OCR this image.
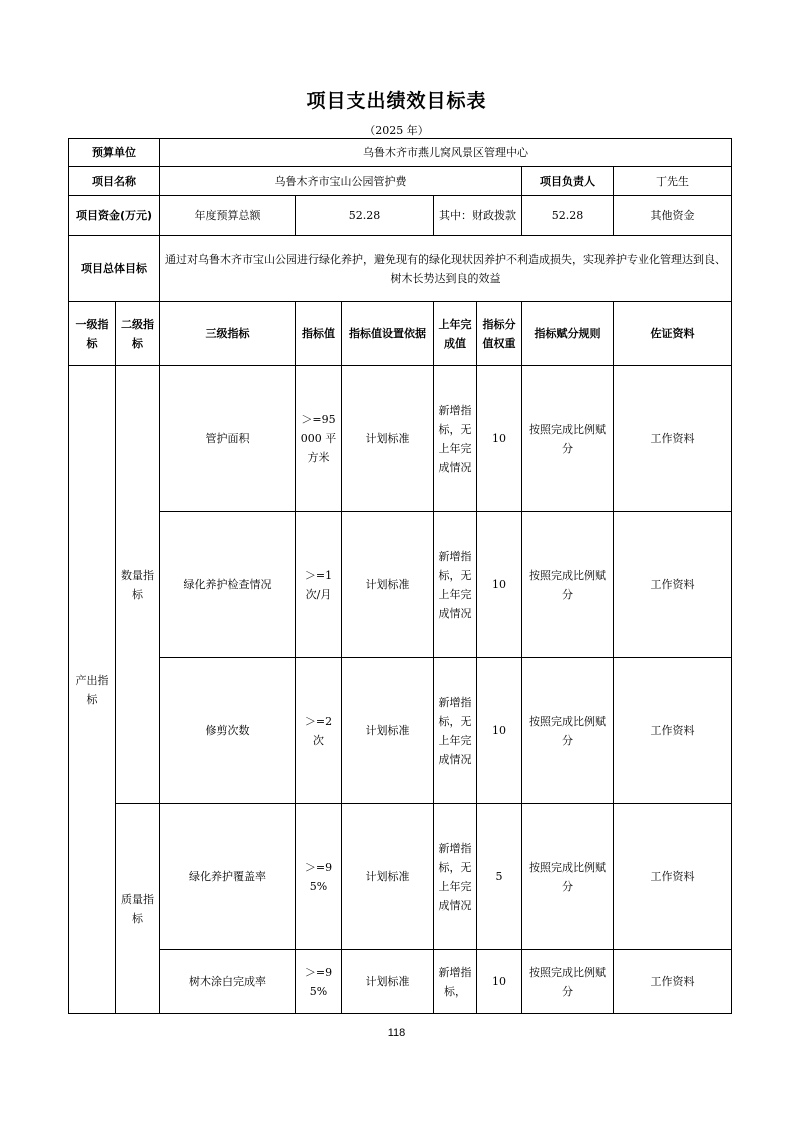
项目支出绩效目标表
（2025 年）
预算单位		乌鲁木齐市燕儿窝风景区管理中心						
项目名称		乌鲁木齐市宝山公园管护费					项目负责人	丁先生
项目资金(万元)		年度预算总额	52.28		其中：财政拨款		52.28	其他资金
项目总体目标		通过对乌鲁木齐市宝山公园进行绿化养护，避免现有的绿化现状因养护不利造成损失，实现养护专业化管理达到良、树木长势达到良的效益						
一级指标	二级指标	三级指标	指标值	指标值设置依据	上年完成值	指标分值权重	指标赋分规则	佐证资料
产出指标	数量指标	管护面积	＞=95000 平方米	计划标准	新增指标，无上年完成情况	10	按照完成比例赋分	工作资料
		绿化养护检查情况	＞=1 次/月	计划标准	新增指标，无上年完成情况	10	按照完成比例赋分	工作资料
		修剪次数	＞=2 次	计划标准	新增指标，无上年完成情况	10	按照完成比例赋分	工作资料
	质量指标	绿化养护覆盖率	＞=95%	计划标准	新增指标，无上年完成情况	5	按照完成比例赋分	工作资料
		树木涂白完成率	＞=95%	计划标准	新增指标，	10	按照完成比例赋分	工作资料
118
